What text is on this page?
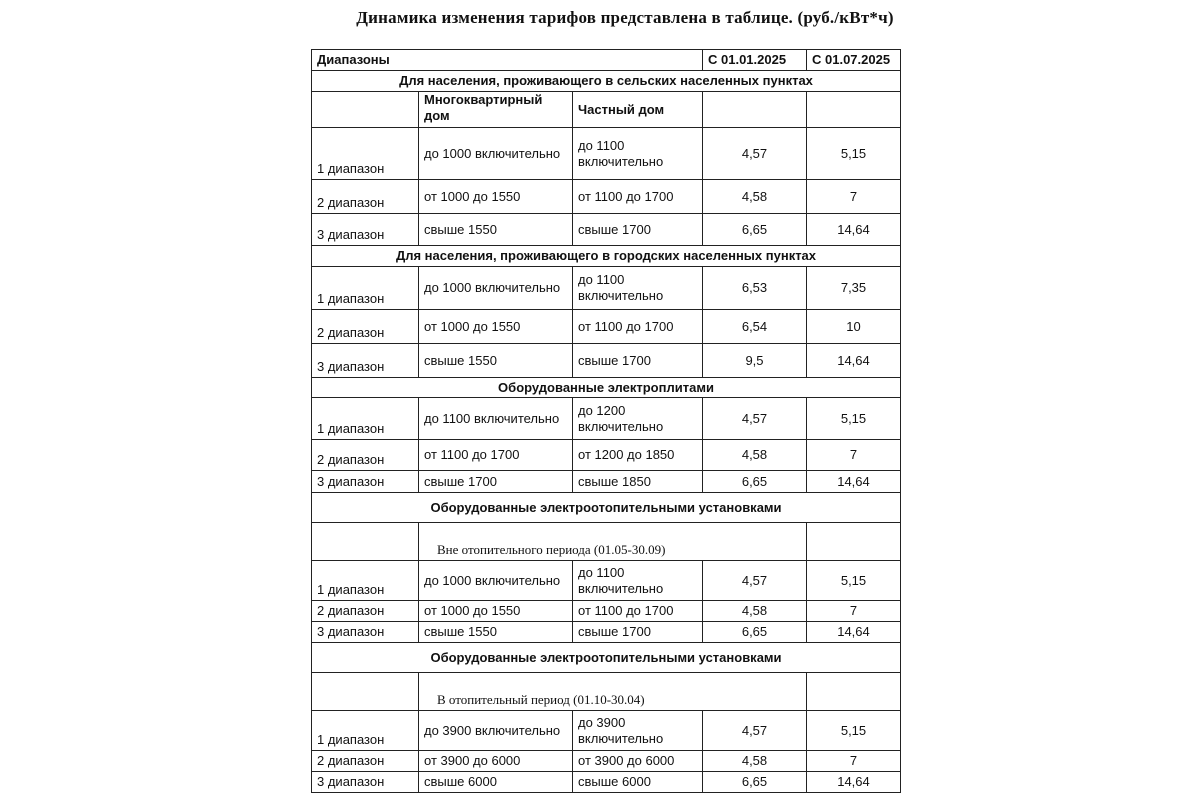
Динамика изменения тарифов представлена в таблице. (руб./кВт*ч)
Диапазоны			С 01.01.2025	С 01.07.2025
Для населения, проживающего в сельских населенных пунктах				
	Многоквартирный дом	Частный дом		
1 диапазон	до 1000 включительно	до 1100 включительно	4,57	5,15
2 диапазон	от 1000 до 1550	от 1100 до 1700	4,58	7
3 диапазон	свыше 1550	свыше 1700	6,65	14,64
Для населения, проживающего в городских населенных пунктах				
1 диапазон	до 1000 включительно	до 1100 включительно	6,53	7,35
2 диапазон	от 1000 до 1550	от 1100 до 1700	6,54	10
3 диапазон	свыше 1550	свыше 1700	9,5	14,64
Оборудованные электроплитами				
1 диапазон	до 1100 включительно	до 1200 включительно	4,57	5,15
2 диапазон	от 1100 до 1700	от 1200 до 1850	4,58	7
3 диапазон	свыше 1700	свыше 1850	6,65	14,64
Оборудованные электроотопительными установками				
	Вне отопительного периода (01.05-30.09)			
1 диапазон	до 1000 включительно	до 1100 включительно	4,57	5,15
2 диапазон	от 1000 до 1550	от 1100 до 1700	4,58	7
3 диапазон	свыше 1550	свыше 1700	6,65	14,64
Оборудованные электроотопительными установками				
	В отопительный период (01.10-30.04)			
1 диапазон	до 3900 включительно	до 3900 включительно	4,57	5,15
2 диапазон	от 3900 до 6000	от 3900 до 6000	4,58	7
3 диапазон	свыше 6000	свыше 6000	6,65	14,64
